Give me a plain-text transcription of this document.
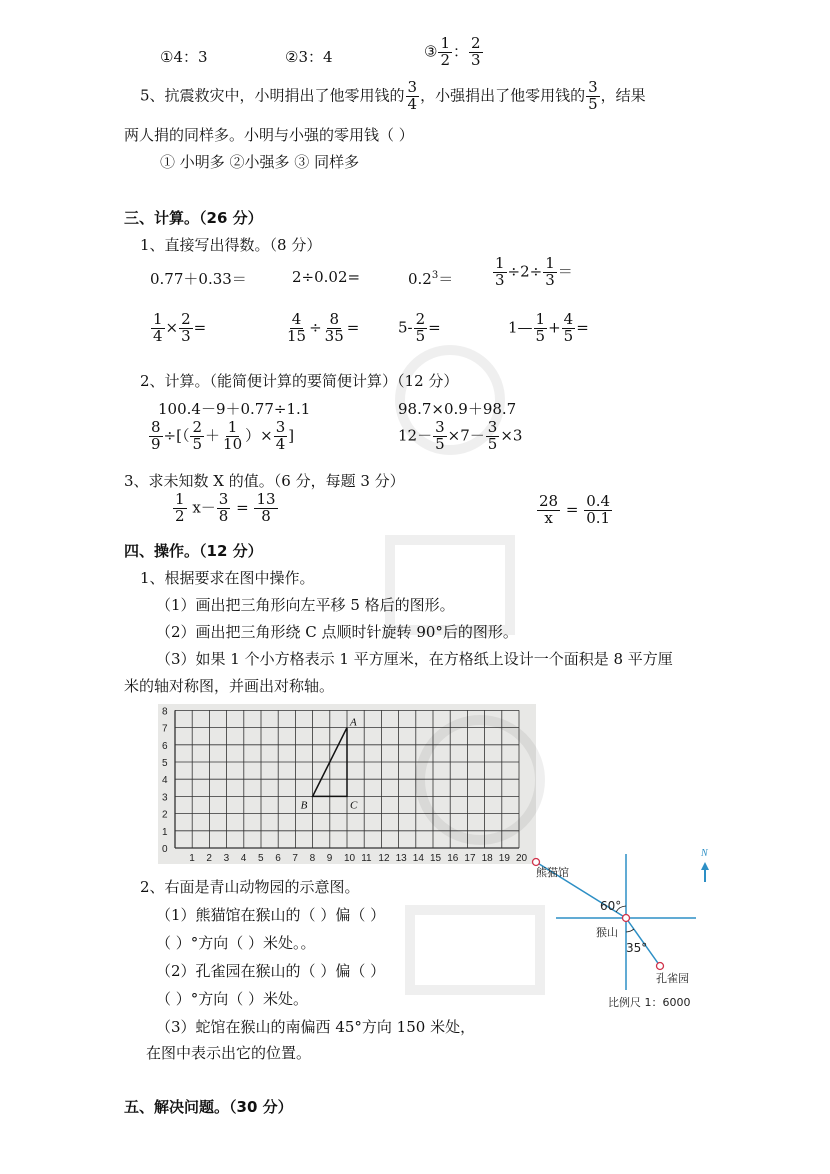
①4：3	②3：4	③ $\frac{1}{2}$ ： $\frac{2}{3}$
5、抗震救灾中，小明捐出了他零用钱的 $\frac{3}{4}$ ，小强捐出了他零用钱的 $\frac{3}{5}$ ，结果
两人捐的同样多。小明与小强的零用钱（ ）
① 小明多 ②小强多 ③ 同样多
三、计算。（26 分）
1、直接写出得数。（8 分）
0.77＋0.33＝	2÷0.02=	$0.2^3=$	$\frac{1}{3} \div 2\div \frac{1}{3}$ ＝
$\frac{1}{4} \times \frac{2}{3}$ =	$\frac{4}{15} \div \frac{8}{35}$ =	$5- \frac{2}{5}$ =	1— $\frac{1}{5} + \frac{4}{5}$ =
2、计算。（能简便计算的要简便计算）（12 分）
100.4－9＋0.77÷1.1	98.7×0.9＋98.7
$\frac{8}{9}$ ÷[（ $\frac{2}{5} + \frac{1}{10}$ ）× $\frac{3}{4}$ ]	$12- \frac{3}{5} \times 7- \frac{3}{5} \times 3$
3、求未知数 X 的值。（6 分，每题 3 分）
$\frac{1}{2} x- \frac{3}{8} = \frac{13}{8}$	$\frac{28}{x} = \frac{0.4}{0.1}$
四、操作。（12 分）
1、根据要求在图中操作。
（1）画出把三角形向左平移 5 格后的图形。
（2）画出把三角形绕 C 点顺时针旋转 90°后的图形。
（3）如果 1 个小方格表示 1 平方厘米，在方格纸上设计一个面积是 8 平方厘
米的轴对称图，并画出对称轴。
1 2 3 4 5 6 7 8 9 10 11 12 13 14 15 16 17 18 19 20
0
1
2
3
4
5
6
7
8
A
B	C
2、右面是青山动物园的示意图。
（1）熊猫馆在猴山的（ ）偏（ ）
（ ）°方向（ ）米处。。
（2）孔雀园在猴山的（ ）偏（ ）
（ ）°方向（ ）米处。
（3）蛇馆在猴山的南偏西 45°方向 150 米处，
在图中表示出它的位置。
N
熊猫馆
60°
猴山
35°
孔雀园
比例尺 1：6000
五、解决问题。（30 分）
